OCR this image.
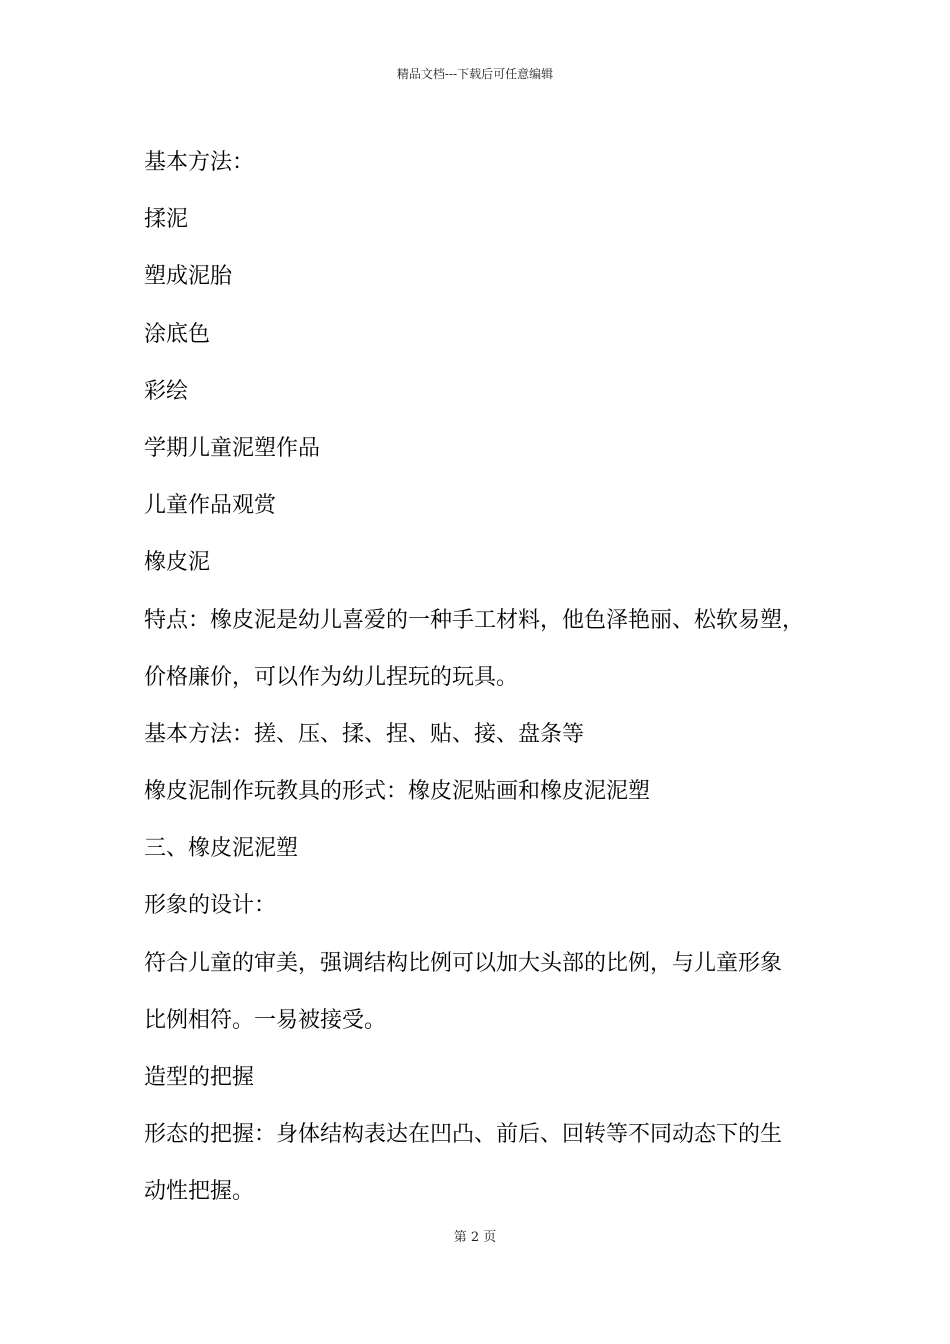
精品文档---下载后可任意编辑
基本方法：
揉泥
塑成泥胎
涂底色
彩绘
学期儿童泥塑作品
儿童作品观赏
橡皮泥
特点：橡皮泥是幼儿喜爱的一种手工材料，他色泽艳丽、松软易塑，
价格廉价，可以作为幼儿捏玩的玩具。
基本方法：搓、压、揉、捏、贴、接、盘条等
橡皮泥制作玩教具的形式：橡皮泥贴画和橡皮泥泥塑
三、橡皮泥泥塑
形象的设计：
符合儿童的审美，强调结构比例可以加大头部的比例，与儿童形象
比例相符。一易被接受。
造型的把握
形态的把握：身体结构表达在凹凸、前后、回转等不同动态下的生
动性把握。
第 2 页
